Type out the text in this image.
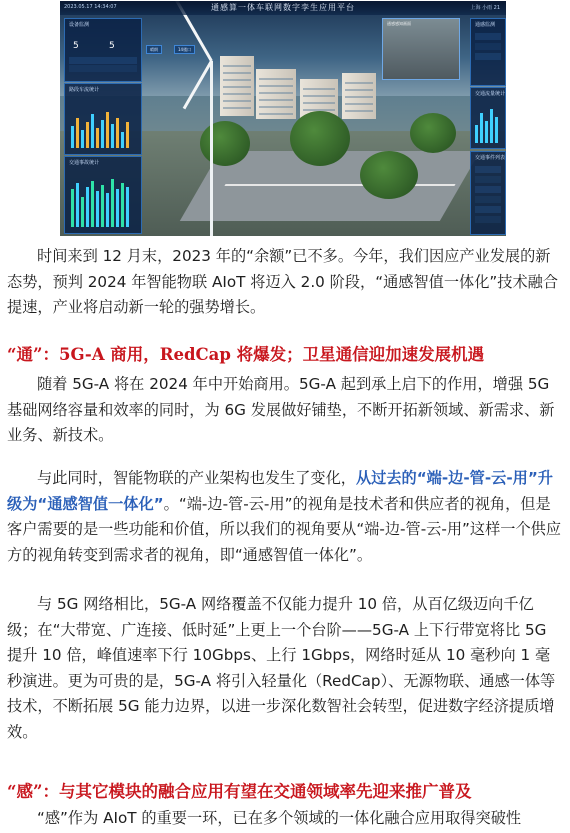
2023.05.17 14:34:07	通感算一体车联网数字孪生应用平台	上海 小雨 21
设备监测
5	5
路段车流统计
交通事故统计
晴朗	14楼口
通感感知画面	通感监测
交通流量统计
交通事件列表

时间来到 12 月末，2023 年的“余额”已不多。今年，我们因应产业发展的新态势，预判 2024 年智能物联 AIoT 将迈入 2.0 阶段，“通感智值一体化”技术融合提速，产业将启动新一轮的强势增长。

“通”：5G-A 商用，RedCap 将爆发；卫星通信迎加速发展机遇

随着 5G-A 将在 2024 年中开始商用。5G-A 起到承上启下的作用，增强 5G 基础网络容量和效率的同时，为 6G 发展做好铺垫，不断开拓新领域、新需求、新业务、新技术。

与此同时，智能物联的产业架构也发生了变化，从过去的“端-边-管-云-用”升级为“通感智值一体化”。“端-边-管-云-用”的视角是技术者和供应者的视角，但是客户需要的是一些功能和价值，所以我们的视角要从“端-边-管-云-用”这样一个供应方的视角转变到需求者的视角，即“通感智值一体化”。

与 5G 网络相比，5G-A 网络覆盖不仅能力提升 10 倍，从百亿级迈向千亿级；在“大带宽、广连接、低时延”上更上一个台阶——5G-A 上下行带宽将比 5G 提升 10 倍，峰值速率下行 10Gbps、上行 1Gbps，网络时延从 10 毫秒向 1 毫秒演进。更为可贵的是，5G-A 将引入轻量化（RedCap）、无源物联、通感一体等技术，不断拓展 5G 能力边界，以进一步深化数智社会转型，促进数字经济提质增效。

“感”：与其它模块的融合应用有望在交通领域率先迎来推广普及

“感”作为 AIoT 的重要一环，已在多个领域的一体化融合应用取得突破性
